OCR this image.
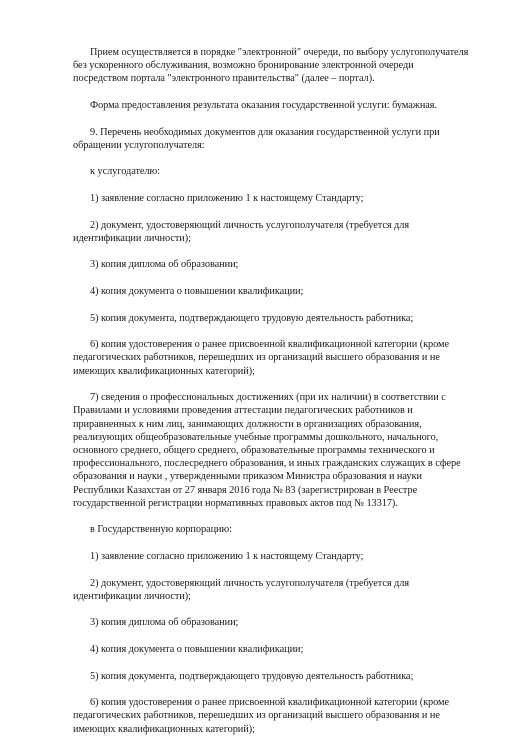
Прием осуществляется в порядке "электронной" очереди, по выбору услугополучателя
без ускоренного обслуживания, возможно бронирование электронной очереди
посредством портала "электронного правительства" (далее – портал).
Форма предоставления результата оказания государственной услуги: бумажная.
9. Перечень необходимых документов для оказания государственной услуги при
обращении услугополучателя:
к услугодателю:
1) заявление согласно приложению 1 к настоящему Стандарту;
2) документ, удостоверяющий личность услугополучателя (требуется для
идентификации личности);
3) копия диплома об образовании;
4) копия документа о повышении квалификации;
5) копия документа, подтверждающего трудовую деятельность работника;
6) копия удостоверения о ранее присвоенной квалификационной категории (кроме
педагогических работников, перешедших из организаций высшего образования и не
имеющих квалификационных категорий);
7) сведения о профессиональных достижениях (при их наличии) в соответствии с
Правилами и условиями проведения аттестации педагогических работников и
приравненных к ним лиц, занимающих должности в организациях образования,
реализующих общеобразовательные учебные программы дошкольного, начального,
основного среднего, общего среднего, образовательные программы технического и
профессионального, послесреднего образования, и иных гражданских служащих в сфере
образования и науки , утвержденными приказом Министра образования и науки
Республики Казахстан от 27 января 2016 года № 83 (зарегистрирован в Реестре
государственной регистрации нормативных правовых актов под № 13317).
в Государственную корпорацию:
1) заявление согласно приложению 1 к настоящему Стандарту;
2) документ, удостоверяющий личность услугополучателя (требуется для
идентификации личности);
3) копия диплома об образовании;
4) копия документа о повышении квалификации;
5) копия документа, подтверждающего трудовую деятельность работника;
6) копия удостоверения о ранее присвоенной квалификационной категории (кроме
педагогических работников, перешедших из организаций высшего образования и не
имеющих квалификационных категорий);
